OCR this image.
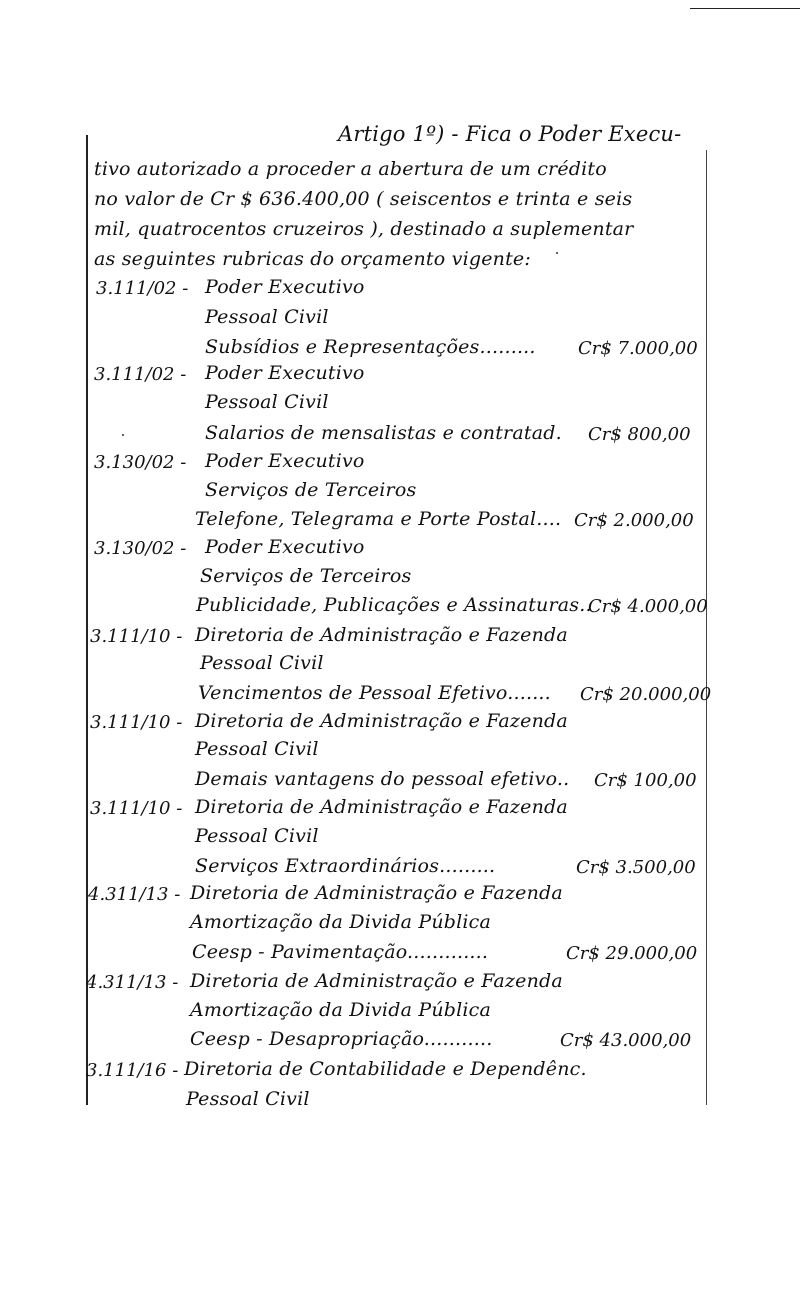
Artigo 1º) - Fica o Poder Execu-
tivo autorizado a proceder a abertura de um crédito
no valor de Cr $ 636.400,00 ( seiscentos e trinta e seis
mil, quatrocentos cruzeiros ), destinado a suplementar
as seguintes rubricas do orçamento vigente:
3.111/02 - Poder Executivo
Pessoal Civil
Subsídios e Representações......... Cr$ 7.000,00
3.111/02 - Poder Executivo
Pessoal Civil
Salarios de mensalistas e contratad. Cr$ 800,00
3.130/02 - Poder Executivo
Serviços de Terceiros
Telefone, Telegrama e Porte Postal.... Cr$ 2.000,00
3.130/02 - Poder Executivo
Serviços de Terceiros
Publicidade, Publicações e Assinaturas..
Cr$ 4.000,00
3.111/10 - Diretoria de Administração e Fazenda
Pessoal Civil
Vencimentos de Pessoal Efetivo....... Cr$ 20.000,00
3.111/10 - Diretoria de Administração e Fazenda
Pessoal Civil
Demais vantagens do pessoal efetivo.. Cr$ 100,00
3.111/10 - Diretoria de Administração e Fazenda
Pessoal Civil
Serviços Extraordinários.........	Cr$ 3.500,00
4.311/13 - Diretoria de Administração e Fazenda
Amortização da Divida Pública
Ceesp - Pavimentação.............	Cr$ 29.000,00
4.311/13 - Diretoria de Administração e Fazenda
Amortização da Divida Pública
Ceesp - Desapropriação...........	Cr$ 43.000,00
3.111/16 - Diretoria de Contabilidade e Dependênc.
Pessoal Civil
